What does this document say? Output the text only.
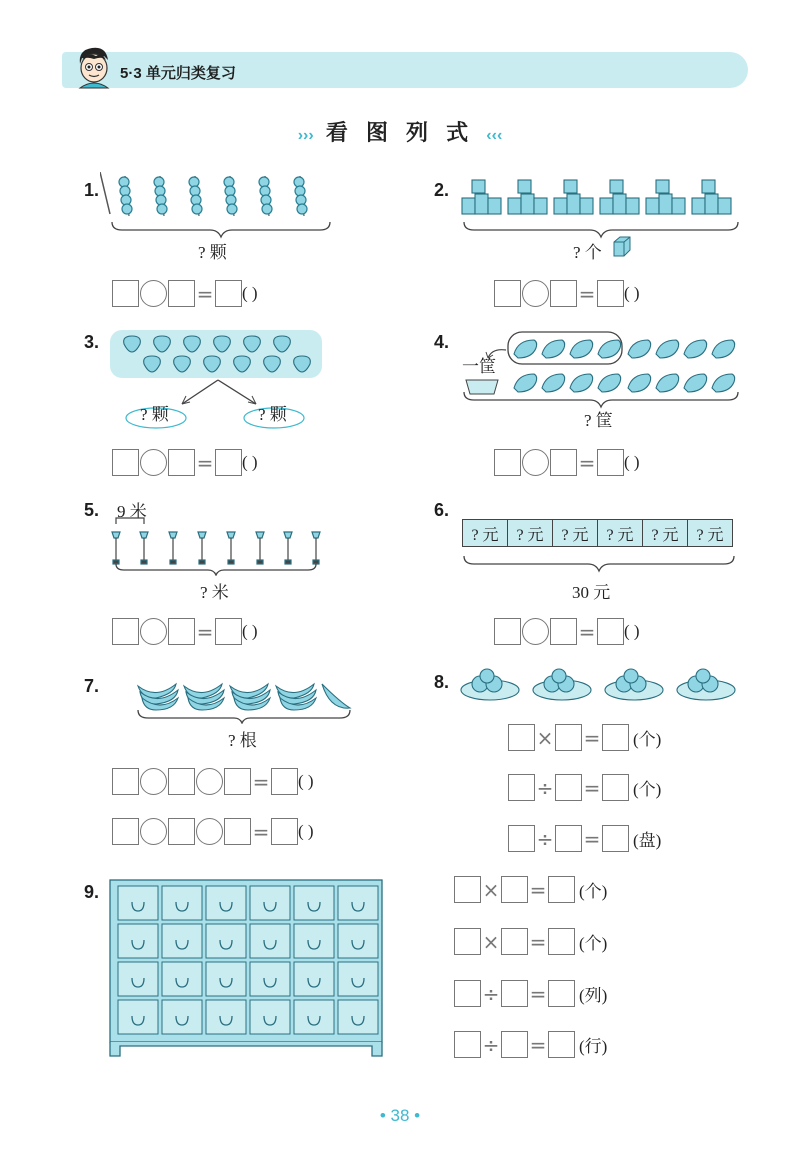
5·3 单元归类复习
››› 看 图 列 式 ‹‹‹
1.
? 颗
= ( )
2.
? 个
= ( )
3.
? 颗	? 颗
= ( )
4.
一筐
? 筐
= ( )
5. 9 米
? 米
= ( )
6.
? 元	? 元	? 元	? 元	? 元	? 元
30 元
= ( )
7.
? 根
= ( )
= ( )
8.
× = (个)
÷ = (个)
÷ = (盘)
9.	× = (个)
× = (个)
÷ = (列)
÷ = (行)
• 38 •
